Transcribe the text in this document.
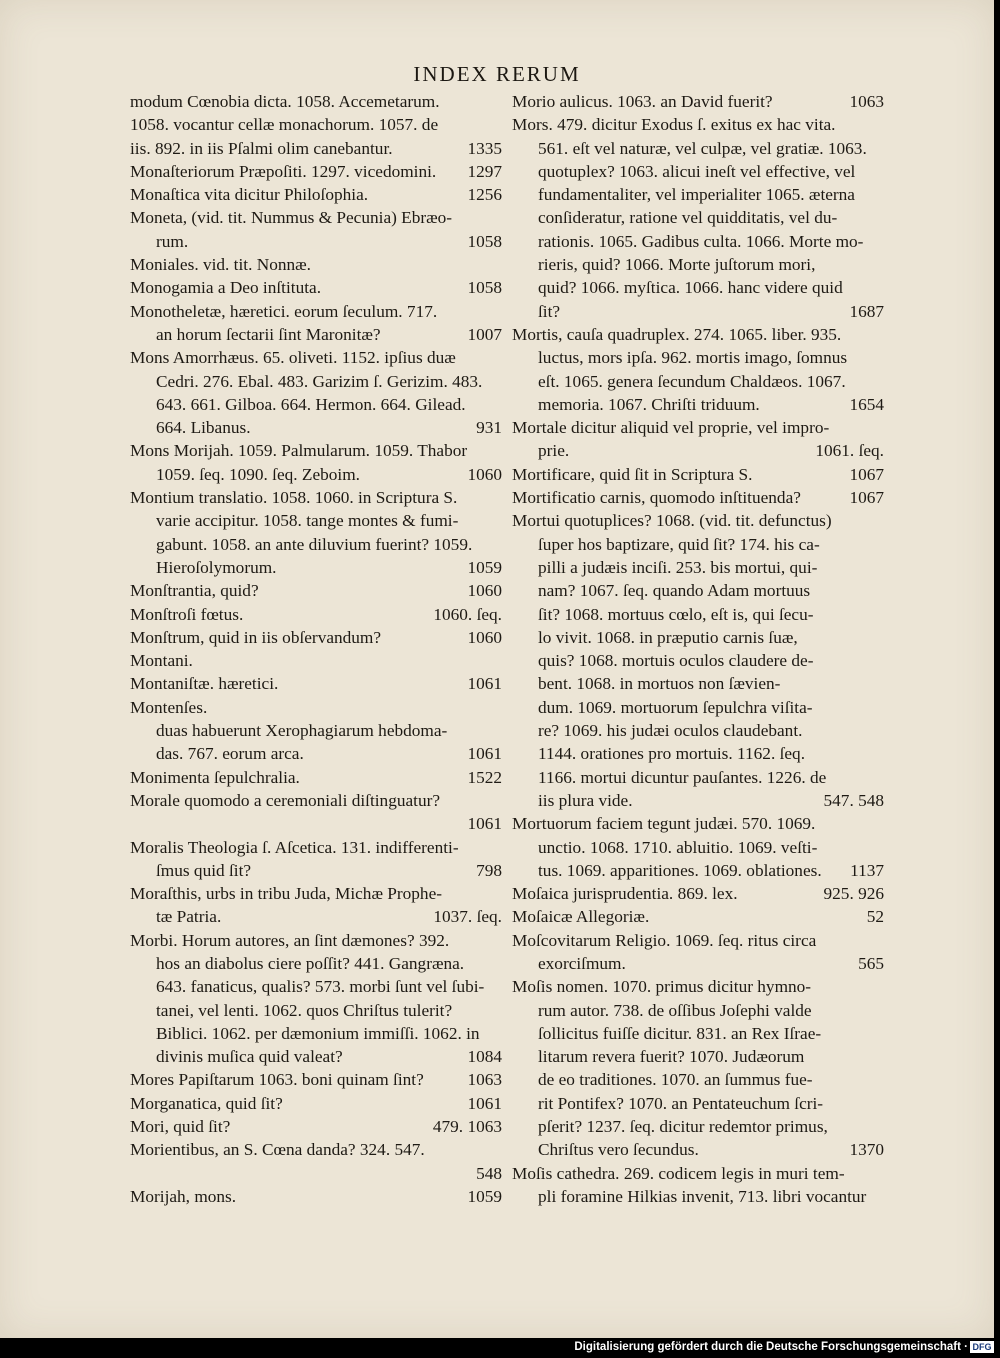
INDEX RERUM
modum Cœnobia dicta. 1058. Accemetarum.
1058. vocantur cellæ monachorum. 1057. de
iis. 892. in iis Pſalmi olim canebantur.	1335
Monaſteriorum Præpoſiti. 1297. vicedomini. 1297
Monaſtica vita dicitur Philoſophia.	1256
Moneta, (vid. tit. Nummus & Pecunia) Ebræo-
rum.	1058
Moniales. vid. tit. Nonnæ.
Monogamia a Deo inſtituta.	1058
Monotheletæ, hæretici. eorum ſeculum. 717.
an horum ſectarii ſint Maronitæ?	1007
Mons Amorrhæus. 65. oliveti. 1152. ipſius duæ
Cedri. 276. Ebal. 483. Garizim ſ. Gerizim. 483.
643. 661. Gilboa. 664. Hermon. 664. Gilead.
664. Libanus.	931
Mons Morijah. 1059. Palmularum. 1059. Thabor
1059. ſeq. 1090. ſeq. Zeboim.	1060
Montium translatio. 1058. 1060. in Scriptura S.
varie accipitur. 1058. tange montes & fumi-
gabunt. 1058. an ante diluvium fuerint? 1059.
Hieroſolymorum.	1059
Monſtrantia, quid?	1060
Monſtroſi fœtus.	1060. ſeq.
Monſtrum, quid in iis obſervandum?	1060
Montani.
Montaniſtæ. hæretici.	1061
Montenſes.
duas habuerunt Xerophagiarum hebdoma-
das. 767. eorum arca.	1061
Monimenta ſepulchralia.	1522
Morale quomodo a ceremoniali diſtinguatur?
1061
Moralis Theologia ſ. Aſcetica. 131. indifferenti-
ſmus quid ſit?	798
Moraſthis, urbs in tribu Juda, Michæ Prophe-
tæ Patria.	1037. ſeq.
Morbi. Horum autores, an ſint dæmones? 392.
hos an diabolus ciere poſſit? 441. Gangræna.
643. fanaticus, qualis? 573. morbi ſunt vel ſubi-
tanei, vel lenti. 1062. quos Chriſtus tulerit?
Biblici. 1062. per dæmonium immiſſi. 1062. in
divinis muſica quid valeat?	1084
Mores Papiſtarum 1063. boni quinam ſint?	1063
Morganatica, quid ſit?	1061
Mori, quid ſit?	479. 1063
Morientibus, an S. Cœna danda? 324. 547.
548
Morijah, mons.	1059
Morio aulicus. 1063. an David fuerit?	1063
Mors. 479. dicitur Exodus ſ. exitus ex hac vita.
561. eſt vel naturæ, vel culpæ, vel gratiæ. 1063.
quotuplex? 1063. alicui ineſt vel effective, vel
fundamentaliter, vel imperialiter 1065. æterna
conſideratur, ratione vel quidditatis, vel du-
rationis. 1065. Gadibus culta. 1066. Morte mo-
rieris, quid? 1066. Morte juſtorum mori,
quid? 1066. myſtica. 1066. hanc videre quid
ſit?	1687
Mortis, cauſa quadruplex. 274. 1065. liber. 935.
luctus, mors ipſa. 962. mortis imago, ſomnus
eſt. 1065. genera ſecundum Chaldæos. 1067.
memoria. 1067. Chriſti triduum.	1654
Mortale dicitur aliquid vel proprie, vel impro-
prie.	1061. ſeq.
Mortificare, quid ſit in Scriptura S.	1067
Mortificatio carnis, quomodo inſtituenda?	1067
Mortui quotuplices? 1068. (vid. tit. defunctus)
ſuper hos baptizare, quid ſit? 174. his ca-
pilli a judæis inciſi. 253. bis mortui, qui-
nam? 1067. ſeq. quando Adam mortuus
ſit? 1068. mortuus cœlo, eſt is, qui ſecu-
lo vivit. 1068. in præputio carnis ſuæ,
quis? 1068. mortuis oculos claudere de-
bent. 1068. in mortuos non ſævien-
dum. 1069. mortuorum ſepulchra viſita-
re? 1069. his judæi oculos claudebant.
1144. orationes pro mortuis. 1162. ſeq.
1166. mortui dicuntur pauſantes. 1226. de
iis plura vide.	547. 548
Mortuorum faciem tegunt judæi. 570. 1069.
unctio. 1068. 1710. abluitio. 1069. veſti-
tus. 1069. apparitiones. 1069. oblationes. 1137
Moſaica jurisprudentia. 869. lex.	925. 926
Moſaicæ Allegoriæ.	52
Moſcovitarum Religio. 1069. ſeq. ritus circa
exorciſmum.	565
Moſis nomen. 1070. primus dicitur hymno-
rum autor. 738. de oſſibus Joſephi valde
ſollicitus fuiſſe dicitur. 831. an Rex Iſrae-
litarum revera fuerit? 1070. Judæorum
de eo traditiones. 1070. an ſummus fue-
rit Pontifex? 1070. an Pentateuchum ſcri-
pſerit? 1237. ſeq. dicitur redemtor primus,
Chriſtus vero ſecundus.	1370
Moſis cathedra. 269. codicem legis in muri tem-
pli foramine Hilkias invenit, 713. libri vocantur
Digitalisierung gefördert durch die Deutsche Forschungsgemeinschaft · DFG
